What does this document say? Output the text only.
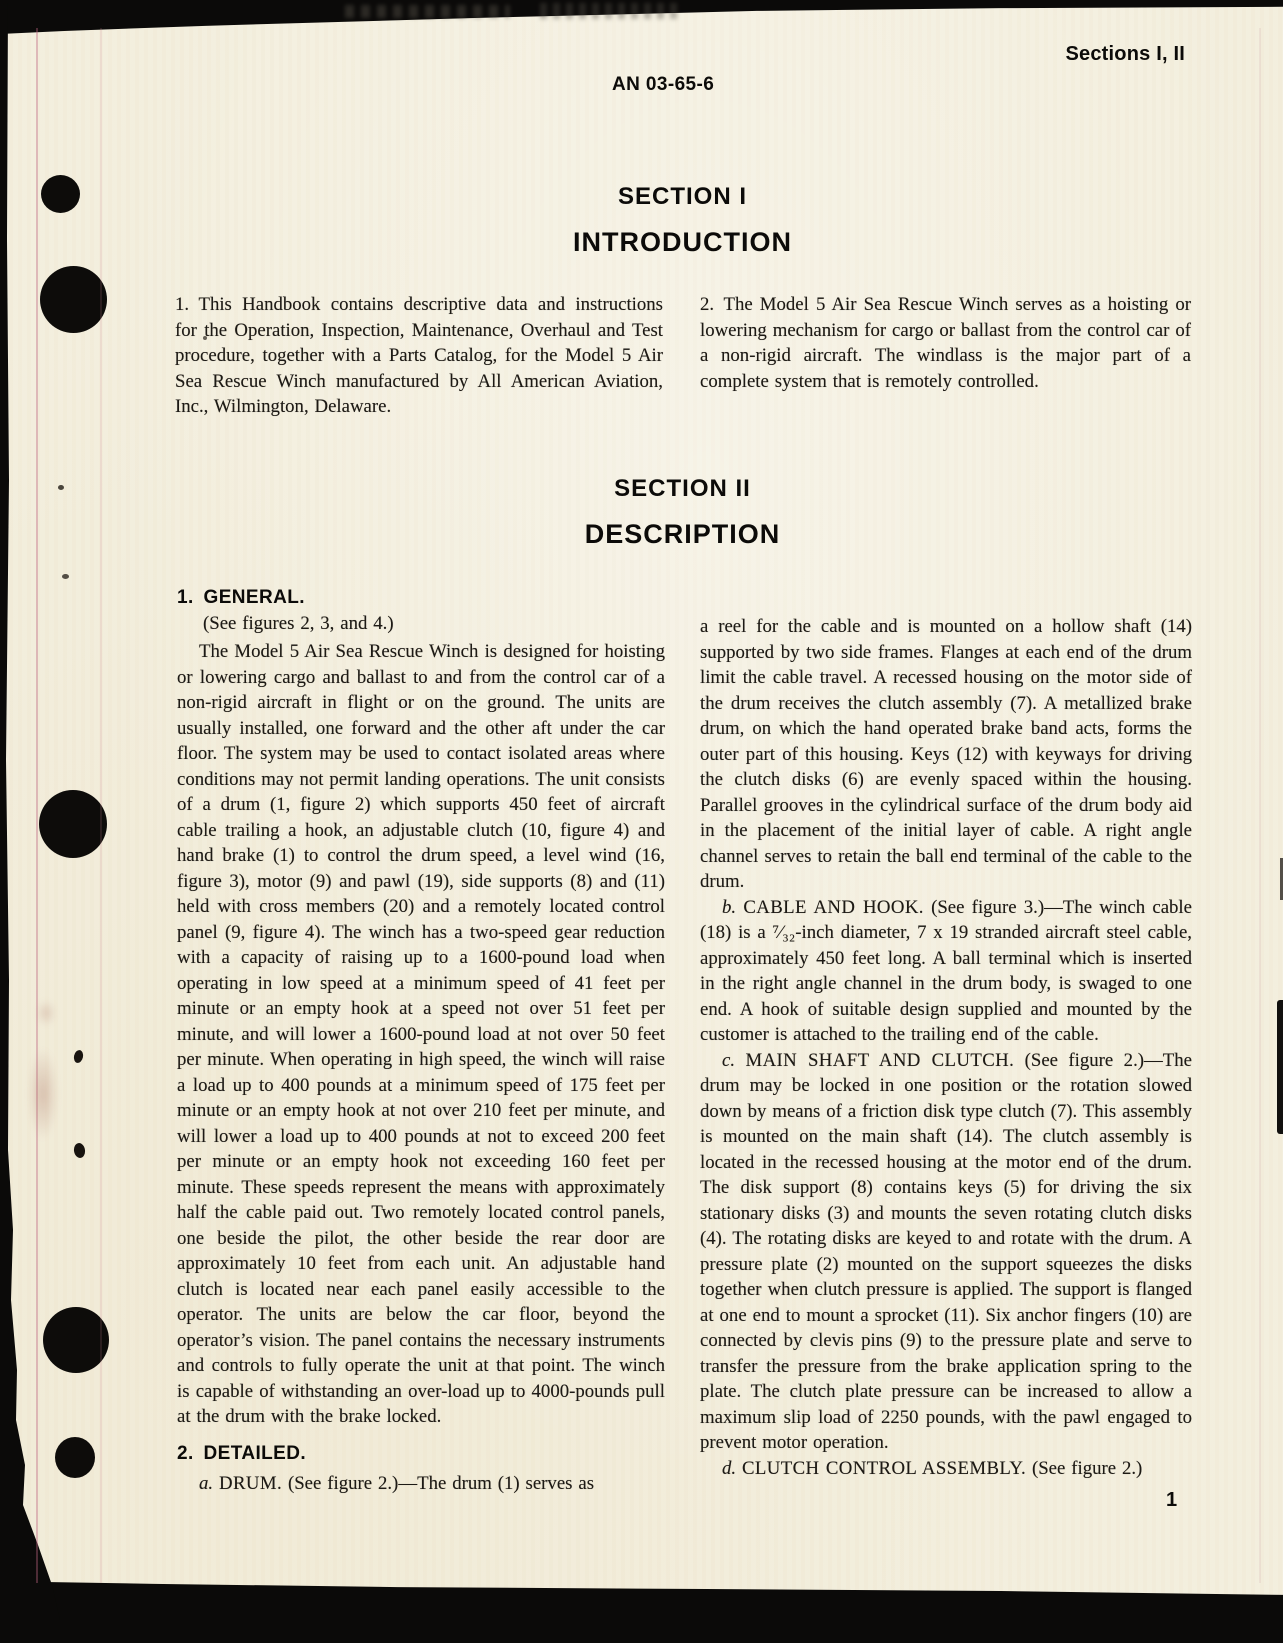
Sections I, II
AN 03-65-6
SECTION I
INTRODUCTION

1. This Handbook contains descriptive data and instructions for the Operation, Inspection, Maintenance, Overhaul and Test procedure, together with a Parts Catalog, for the Model 5 Air Sea Rescue Winch manufactured by All American Aviation, Inc., Wilmington, Delaware.

2. The Model 5 Air Sea Rescue Winch serves as a hoisting or lowering mechanism for cargo or ballast from the control car of a non-rigid aircraft. The windlass is the major part of a complete system that is remotely controlled.

SECTION II
DESCRIPTION

1. GENERAL.

(See figures 2, 3, and 4.)

The Model 5 Air Sea Rescue Winch is designed for hoisting or lowering cargo and ballast to and from the control car of a non-rigid aircraft in flight or on the ground. The units are usually installed, one forward and the other aft under the car floor. The system may be used to contact isolated areas where conditions may not permit landing operations. The unit consists of a drum (1, figure 2) which supports 450 feet of aircraft cable trailing a hook, an adjustable clutch (10, figure 4) and hand brake (1) to control the drum speed, a level wind (16, figure 3), motor (9) and pawl (19), side supports (8) and (11) held with cross members (20) and a remotely located control panel (9, figure 4). The winch has a two-speed gear reduction with a capacity of raising up to a 1600-pound load when operating in low speed at a minimum speed of 41 feet per minute or an empty hook at a speed not over 51 feet per minute, and will lower a 1600-pound load at not over 50 feet per minute. When operating in high speed, the winch will raise a load up to 400 pounds at a minimum speed of 175 feet per minute or an empty hook at not over 210 feet per minute, and will lower a load up to 400 pounds at not to exceed 200 feet per minute or an empty hook not exceeding 160 feet per minute. These speeds represent the means with approximately half the cable paid out. Two remotely located control panels, one beside the pilot, the other beside the rear door are approximately 10 feet from each unit. An adjustable hand clutch is located near each panel easily accessible to the operator. The units are below the car floor, beyond the operator’s vision. The panel contains the necessary instruments and controls to fully operate the unit at that point. The winch is capable of withstanding an over-load up to 4000-pounds pull at the drum with the brake locked.

2. DETAILED.

a. DRUM. (See figure 2.)—The drum (1) serves as

a reel for the cable and is mounted on a hollow shaft (14) supported by two side frames. Flanges at each end of the drum limit the cable travel. A recessed housing on the motor side of the drum receives the clutch assembly (7). A metallized brake drum, on which the hand operated brake band acts, forms the outer part of this housing. Keys (12) with keyways for driving the clutch disks (6) are evenly spaced within the housing. Parallel grooves in the cylindrical surface of the drum body aid in the placement of the initial layer of cable. A right angle channel serves to retain the ball end terminal of the cable to the drum.

b. CABLE AND HOOK. (See figure 3.)—The winch cable (18) is a ⁷⁄₃₂-inch diameter, 7 x 19 stranded aircraft steel cable, approximately 450 feet long. A ball terminal which is inserted in the right angle channel in the drum body, is swaged to one end. A hook of suitable design supplied and mounted by the customer is attached to the trailing end of the cable.

c. MAIN SHAFT AND CLUTCH. (See figure 2.)—The drum may be locked in one position or the rotation slowed down by means of a friction disk type clutch (7). This assembly is mounted on the main shaft (14). The clutch assembly is located in the recessed housing at the motor end of the drum. The disk support (8) contains keys (5) for driving the six stationary disks (3) and mounts the seven rotating clutch disks (4). The rotating disks are keyed to and rotate with the drum. A pressure plate (2) mounted on the support squeezes the disks together when clutch pressure is applied. The support is flanged at one end to mount a sprocket (11). Six anchor fingers (10) are connected by clevis pins (9) to the pressure plate and serve to transfer the pressure from the brake application spring to the plate. The clutch plate pressure can be increased to allow a maximum slip load of 2250 pounds, with the pawl engaged to prevent motor operation.

d. CLUTCH CONTROL ASSEMBLY. (See figure 2.)

1
